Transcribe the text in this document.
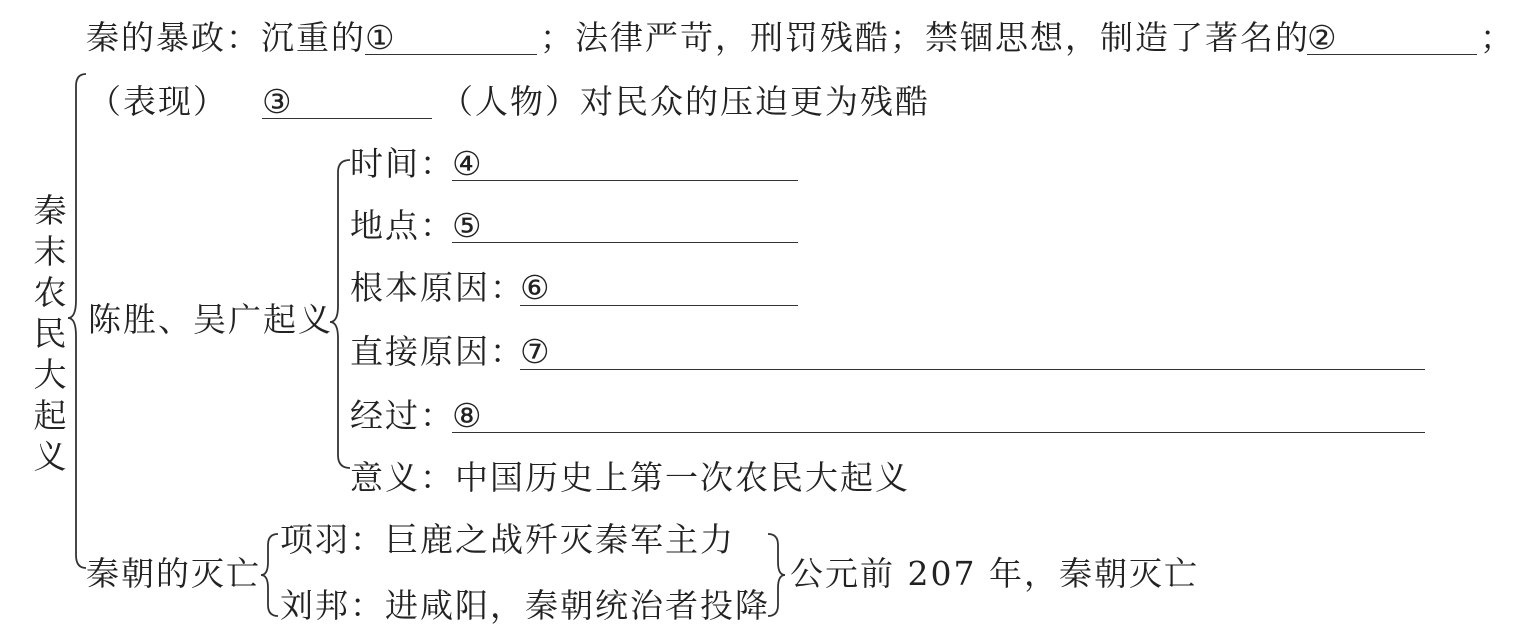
秦的暴政：沉重的 ①	；法律严苛，刑罚残酷；禁锢思想，制造了著名的
②	；
（表现） ③	（人物）对民众的压迫更为残酷
秦
末
农
民
大
起
义
陈胜、吴广起义
时间：
④
地点：
⑤
根本原因：
⑥
直接原因：
⑦
经过：
⑧
意义：中国历史上第一次农民大起义
秦朝的灭亡
项羽：巨鹿之战歼灭秦军主力
刘邦：进咸阳，秦朝统治者投降
公元前 207 年，秦朝灭亡
